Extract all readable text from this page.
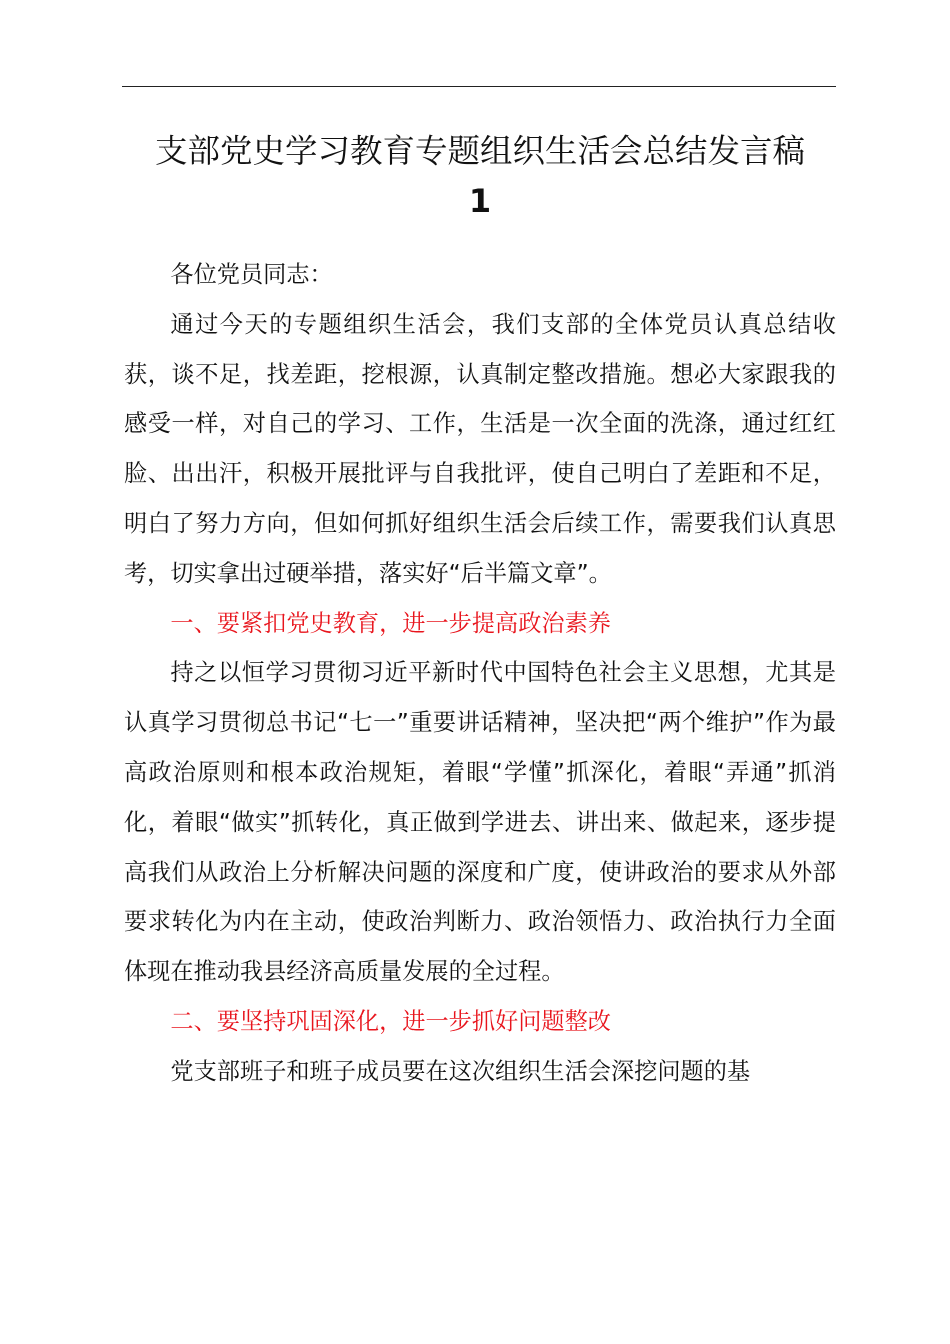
支部党史学习教育专题组织生活会总结发言稿
1

各位党员同志：

通过今天的专题组织生活会，我们支部的全体党员认真总结收获，谈不足，找差距，挖根源，认真制定整改措施。想必大家跟我的感受一样，对自己的学习、工作，生活是一次全面的洗涤，通过红红脸、出出汗，积极开展批评与自我批评，使自己明白了差距和不足，明白了努力方向，但如何抓好组织生活会后续工作，需要我们认真思考，切实拿出过硬举措，落实好“后半篇文章”。

一、要紧扣党史教育，进一步提高政治素养

持之以恒学习贯彻习近平新时代中国特色社会主义思想，尤其是认真学习贯彻总书记“七一”重要讲话精神，坚决把“两个维护”作为最高政治原则和根本政治规矩，着眼“学懂”抓深化，着眼“弄通”抓消化，着眼“做实”抓转化，真正做到学进去、讲出来、做起来，逐步提高我们从政治上分析解决问题的深度和广度，使讲政治的要求从外部要求转化为内在主动，使政治判断力、政治领悟力、政治执行力全面体现在推动我县经济高质量发展的全过程。

二、要坚持巩固深化，进一步抓好问题整改

党支部班子和班子成员要在这次组织生活会深挖问题的基
